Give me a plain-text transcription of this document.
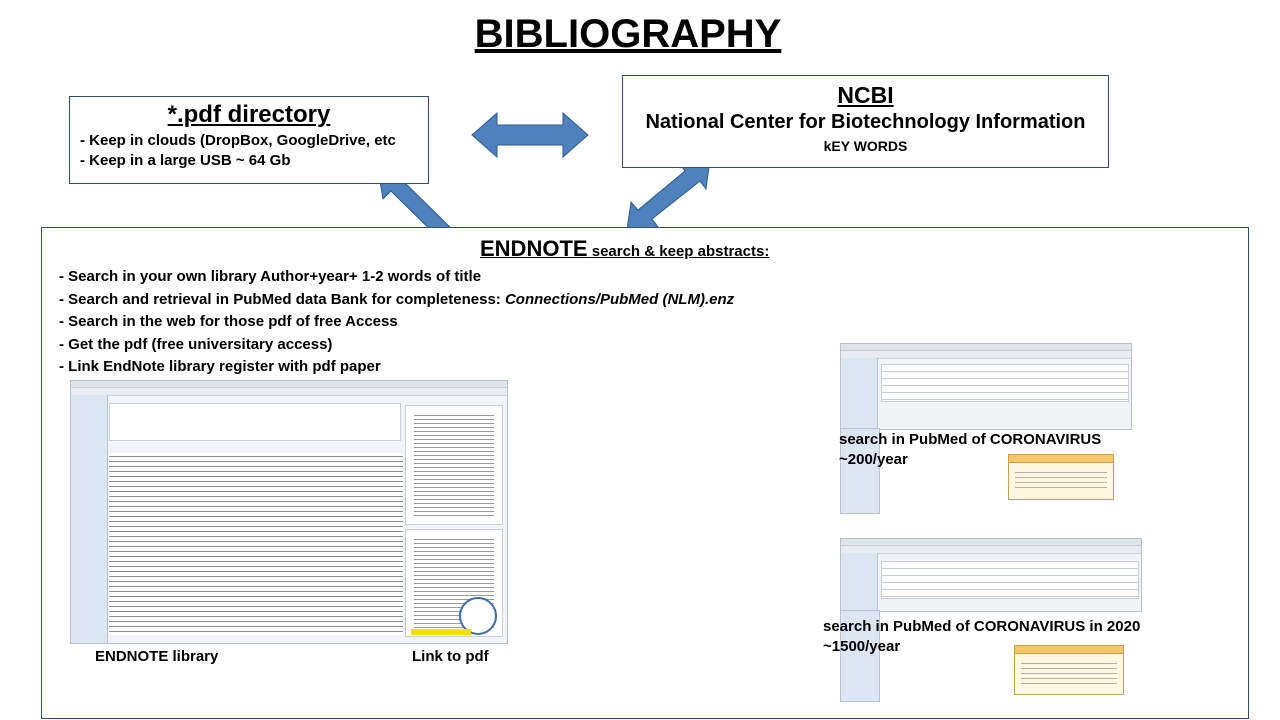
BIBLIOGRAPHY
*.pdf directory
- Keep in clouds (DropBox, GoogleDrive, etc
- Keep in a large USB ~ 64 Gb
NCBI
National Center for Biotechnology Information
kEY WORDS
ENDNOTE search & keep abstracts:
- Search in your own library Author+year+ 1-2 words of title
- Search and retrieval in PubMed data Bank for completeness: Connections/PubMed (NLM).enz
- Search in the web for those pdf of free Access
- Get the pdf (free universitary access)
- Link EndNote library register with pdf paper
ENDNOTE library	Link to pdf
search in PubMed of CORONAVIRUS
~200/year
search in PubMed of CORONAVIRUS in 2020
~1500/year
